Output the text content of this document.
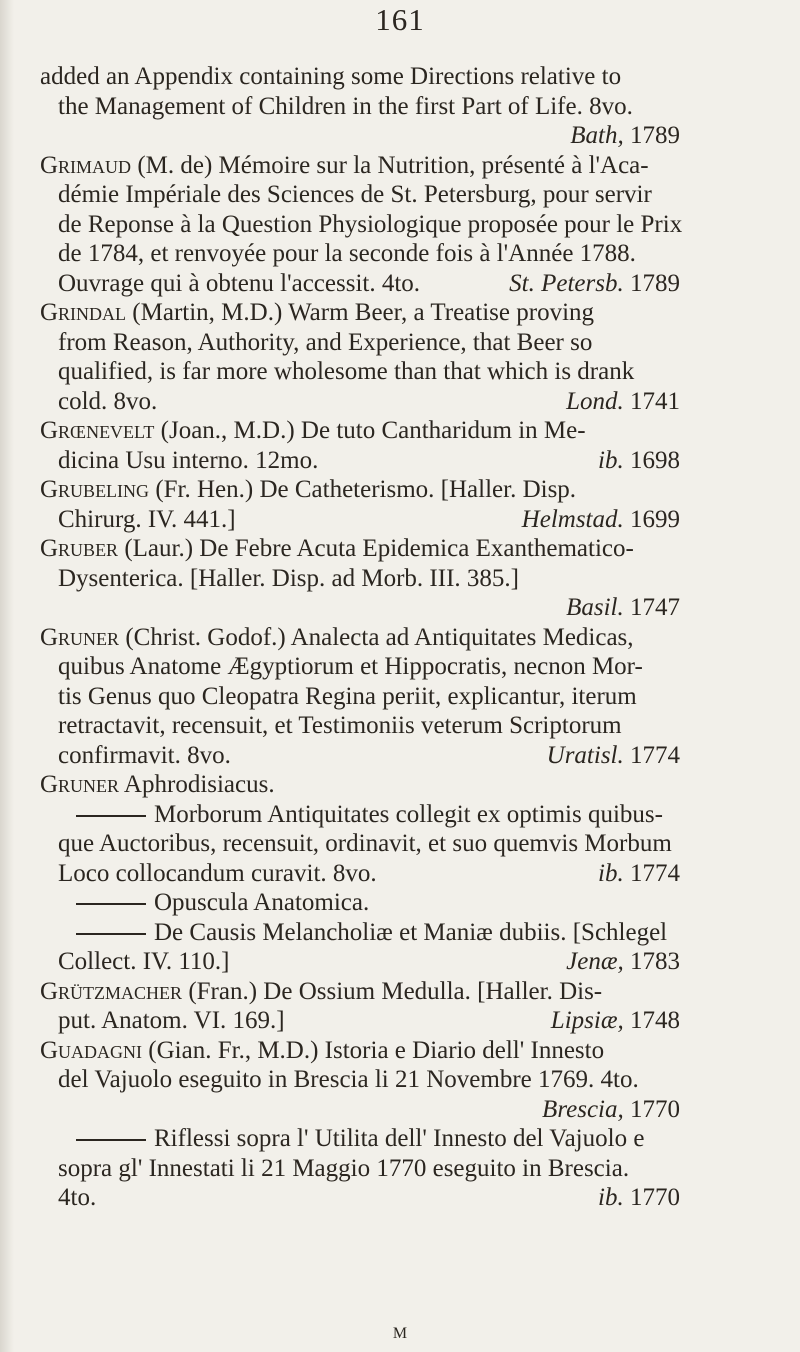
161
added an Appendix containing some Directions relative to
the Management of Children in the first Part of Life. 8vo.
Bath, 1789
Grimaud (M. de) Mémoire sur la Nutrition, présenté à l'Aca-
démie Impériale des Sciences de St. Petersburg, pour servir
de Reponse à la Question Physiologique proposée pour le Prix
de 1784, et renvoyée pour la seconde fois à l'Année 1788.
Ouvrage qui à obtenu l'accessit. 4to.	St. Petersb. 1789
Grindal (Martin, M.D.) Warm Beer, a Treatise proving
from Reason, Authority, and Experience, that Beer so
qualified, is far more wholesome than that which is drank
cold. 8vo.	Lond. 1741
Grœnevelt (Joan., M.D.) De tuto Cantharidum in Me-
dicina Usu interno. 12mo.	ib. 1698
Grubeling (Fr. Hen.) De Catheterismo. [Haller. Disp.
Chirurg. IV. 441.]	Helmstad. 1699
Gruber (Laur.) De Febre Acuta Epidemica Exanthematico-
Dysenterica. [Haller. Disp. ad Morb. III. 385.]
Basil. 1747
Gruner (Christ. Godof.) Analecta ad Antiquitates Medicas,
quibus Anatome Ægyptiorum et Hippocratis, necnon Mor-
tis Genus quo Cleopatra Regina periit, explicantur, iterum
retractavit, recensuit, et Testimoniis veterum Scriptorum
confirmavit. 8vo.	Uratisl. 1774
Gruner Aphrodisiacus.
Morborum Antiquitates collegit ex optimis quibus-
que Auctoribus, recensuit, ordinavit, et suo quemvis Morbum
Loco collocandum curavit. 8vo.	ib. 1774
Opuscula Anatomica.
De Causis Melancholiæ et Maniæ dubiis. [Schlegel
Collect. IV. 110.]	Jenæ, 1783
Grützmacher (Fran.) De Ossium Medulla. [Haller. Dis-
put. Anatom. VI. 169.]	Lipsiæ, 1748
Guadagni (Gian. Fr., M.D.) Istoria e Diario dell' Innesto
del Vajuolo eseguito in Brescia li 21 Novembre 1769. 4to.
Brescia, 1770
Riflessi sopra l' Utilita dell' Innesto del Vajuolo e
sopra gl' Innestati li 21 Maggio 1770 eseguito in Brescia.
4to.	ib. 1770
M
